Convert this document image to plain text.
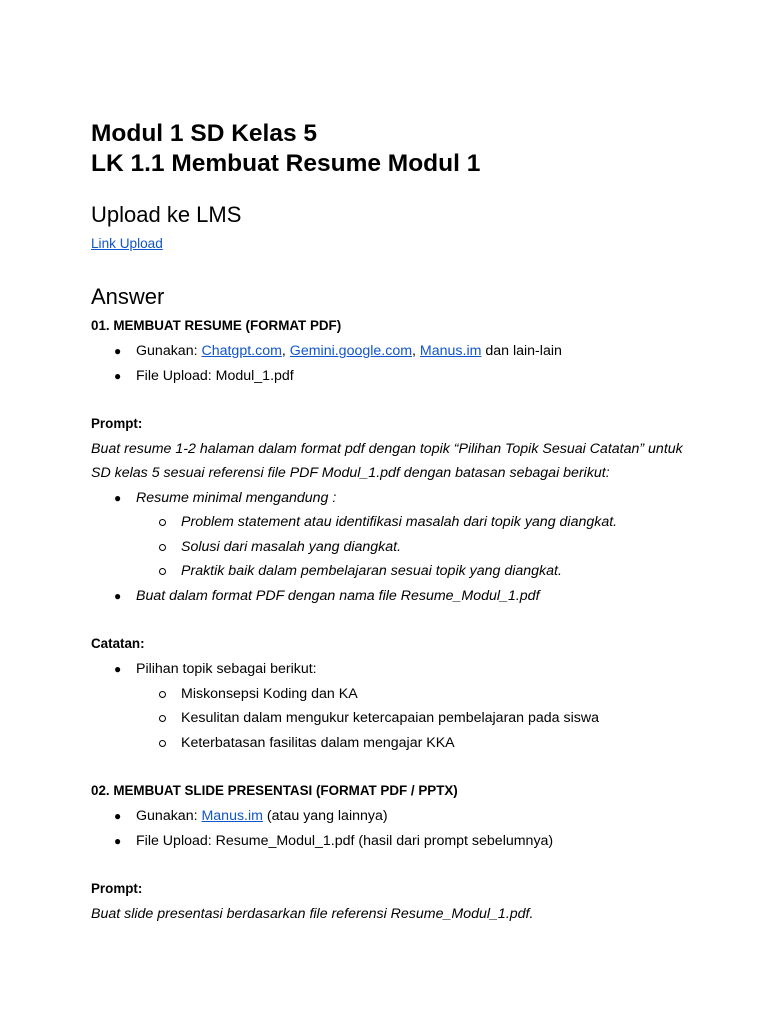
Modul 1 SD Kelas 5
LK 1.1 Membuat Resume Modul 1
Upload ke LMS
Link Upload
Answer
01. MEMBUAT RESUME (FORMAT PDF)
● Gunakan: Chatgpt.com, Gemini.google.com, Manus.im dan lain-lain
● File Upload: Modul_1.pdf
Prompt:
Buat resume 1-2 halaman dalam format pdf dengan topik “Pilihan Topik Sesuai Catatan” untuk
SD kelas 5 sesuai referensi file PDF Modul_1.pdf dengan batasan sebagai berikut:
● Resume minimal mengandung :
Problem statement atau identifikasi masalah dari topik yang diangkat.
Solusi dari masalah yang diangkat.
Praktik baik dalam pembelajaran sesuai topik yang diangkat.
● Buat dalam format PDF dengan nama file Resume_Modul_1.pdf
Catatan:
● Pilihan topik sebagai berikut:
Miskonsepsi Koding dan KA
Kesulitan dalam mengukur ketercapaian pembelajaran pada siswa
Keterbatasan fasilitas dalam mengajar KKA
02. MEMBUAT SLIDE PRESENTASI (FORMAT PDF / PPTX)
● Gunakan: Manus.im (atau yang lainnya)
● File Upload: Resume_Modul_1.pdf (hasil dari prompt sebelumnya)
Prompt:
Buat slide presentasi berdasarkan file referensi Resume_Modul_1.pdf.
